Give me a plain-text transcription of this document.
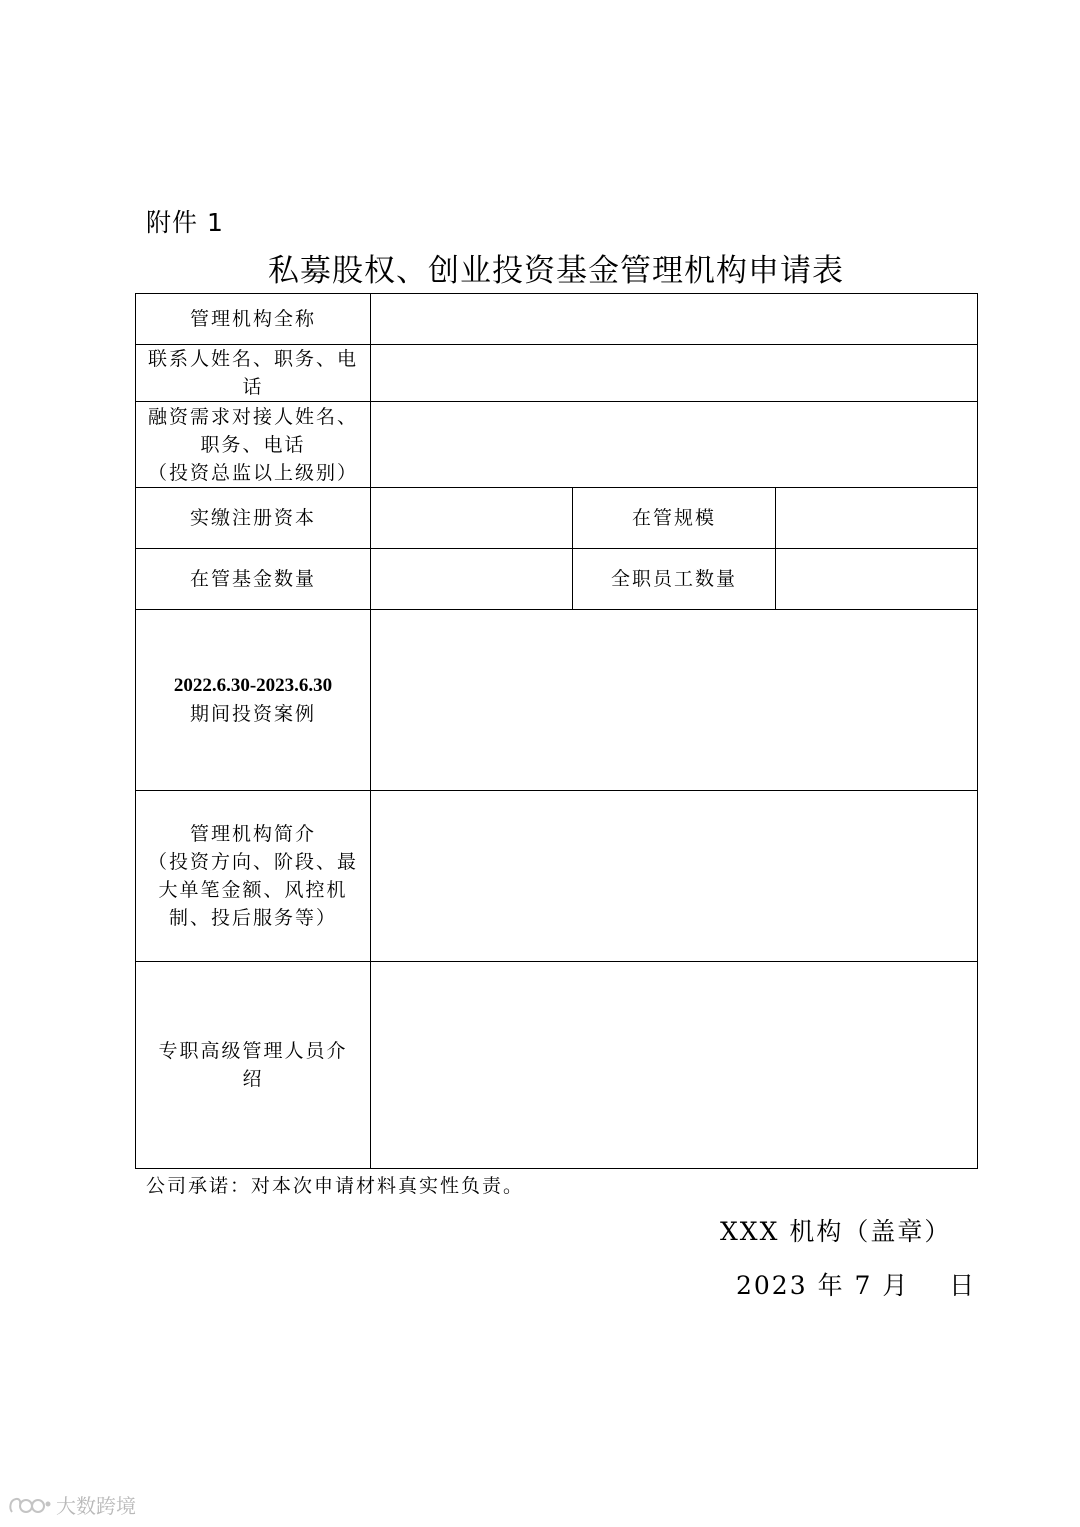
附件 1
私募股权、创业投资基金管理机构申请表
管理机构全称			

联系人姓名、职务、电
话			

融资需求对接人姓名、
职务、电话
（投资总监以上级别）			

实缴注册资本		在管规模	
在管基金数量		全职员工数量	

2022.6.30-2023.6.30
期间投资案例			

管理机构简介
（投资方向、阶段、最
大单笔金额、风控机
制、投后服务等）			

专职高级管理人员介
绍			

公司承诺：对本次申请材料真实性负责。
XXX 机构（盖章）
2023 年 7 月    日
大数跨境
